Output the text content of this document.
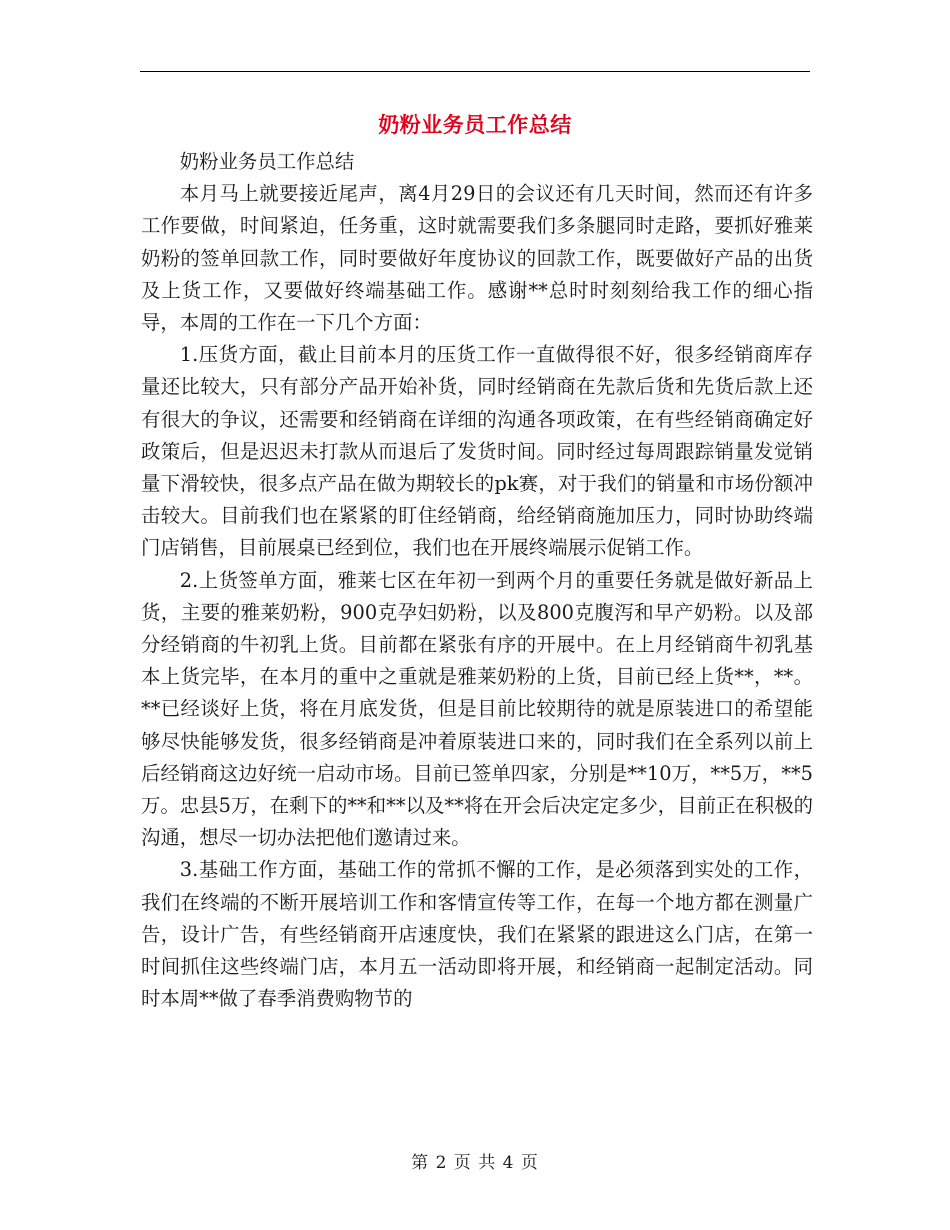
奶粉业务员工作总结

奶粉业务员工作总结

本月马上就要接近尾声，离4月29日的会议还有几天时间，然而还有许多工作要做，时间紧迫，任务重，这时就需要我们多条腿同时走路，要抓好雅莱奶粉的签单回款工作，同时要做好年度协议的回款工作，既要做好产品的出货及上货工作，又要做好终端基础工作。感谢**总时时刻刻给我工作的细心指导，本周的工作在一下几个方面：

1.压货方面，截止目前本月的压货工作一直做得很不好，很多经销商库存量还比较大，只有部分产品开始补货，同时经销商在先款后货和先货后款上还有很大的争议，还需要和经销商在详细的沟通各项政策，在有些经销商确定好政策后，但是迟迟未打款从而退后了发货时间。同时经过每周跟踪销量发觉销量下滑较快，很多点产品在做为期较长的pk赛，对于我们的销量和市场份额冲击较大。目前我们也在紧紧的盯住经销商，给经销商施加压力，同时协助终端门店销售，目前展桌已经到位，我们也在开展终端展示促销工作。

2.上货签单方面，雅莱七区在年初一到两个月的重要任务就是做好新品上货，主要的雅莱奶粉，900克孕妇奶粉，以及800克腹泻和早产奶粉。以及部分经销商的牛初乳上货。目前都在紧张有序的开展中。在上月经销商牛初乳基本上货完毕，在本月的重中之重就是雅莱奶粉的上货，目前已经上货**，**。**已经谈好上货，将在月底发货，但是目前比较期待的就是原装进口的希望能够尽快能够发货，很多经销商是冲着原装进口来的，同时我们在全系列以前上后经销商这边好统一启动市场。目前已签单四家，分别是**10万，**5万，**5万。忠县5万，在剩下的**和**以及**将在开会后决定定多少，目前正在积极的沟通，想尽一切办法把他们邀请过来。

3.基础工作方面，基础工作的常抓不懈的工作，是必须落到实处的工作，我们在终端的不断开展培训工作和客情宣传等工作，在每一个地方都在测量广告，设计广告，有些经销商开店速度快，我们在紧紧的跟进这么门店，在第一时间抓住这些终端门店，本月五一活动即将开展，和经销商一起制定活动。同时本周**做了春季消费购物节的

第 2 页 共 4 页
